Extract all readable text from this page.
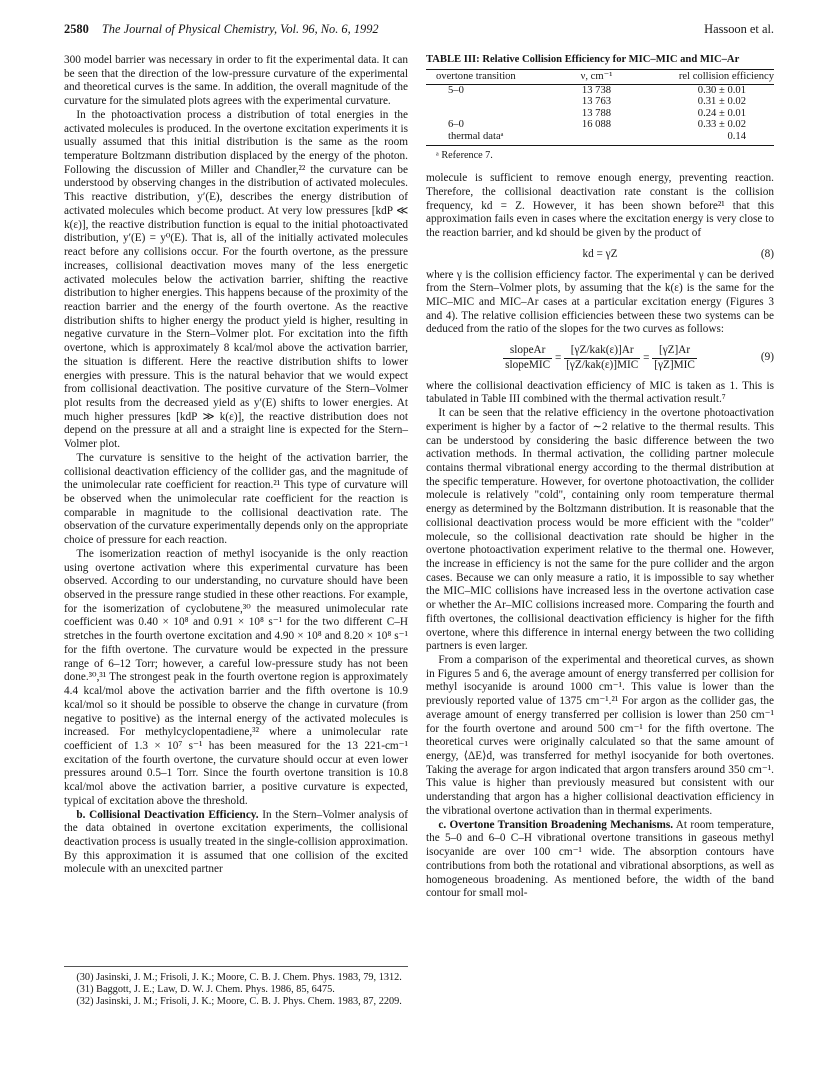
2580 The Journal of Physical Chemistry, Vol. 96, No. 6, 1992	Hassoon et al.

300 model barrier was necessary in order to fit the experimental data. It can be seen that the direction of the low-pressure curvature of the experimental and theoretical curves is the same. In addition, the overall magnitude of the curvature for the simulated plots agrees with the experimental curvature.

In the photoactivation process a distribution of total energies in the activated molecules is produced. In the overtone excitation experiments it is usually assumed that this initial distribution is the same as the room temperature Boltzmann distribution displaced by the energy of the photon. Following the discussion of Miller and Chandler,²² the curvature can be understood by observing changes in the distribution of activated molecules. This reactive distribution, y′(E), describes the energy distribution of activated molecules which become product. At very low pressures [kdP ≪ k(ε)], the reactive distribution function is equal to the initial photoactivated distribution, y′(E) = y⁰(E). That is, all of the initially activated molecules react before any collisions occur. For the fourth overtone, as the pressure increases, collisional deactivation moves many of the less energetic activated molecules below the activation barrier, shifting the reactive distribution to higher energies. This happens because of the proximity of the reaction barrier and the energy of the fourth overtone. As the reactive distribution shifts to higher energy the product yield is higher, resulting in negative curvature in the Stern–Volmer plot. For excitation into the fifth overtone, which is approximately 8 kcal/mol above the activation barrier, the situation is different. Here the reactive distribution shifts to lower energies with pressure. This is the natural behavior that we would expect from collisional deactivation. The positive curvature of the Stern–Volmer plot results from the decreased yield as y′(E) shifts to lower energies. At much higher pressures [kdP ≫ k(ε)], the reactive distribution does not depend on the pressure at all and a straight line is expected for the Stern–Volmer plot.

The curvature is sensitive to the height of the activation barrier, the collisional deactivation efficiency of the collider gas, and the magnitude of the unimolecular rate coefficient for reaction.²¹ This type of curvature will be observed when the unimolecular rate coefficient for the reaction is comparable in magnitude to the collisional deactivation rate. The observation of the curvature experimentally depends only on the appropriate choice of pressure for each reaction.

The isomerization reaction of methyl isocyanide is the only reaction using overtone activation where this experimental curvature has been observed. According to our understanding, no curvature should have been observed in the pressure range studied in these other reactions. For example, for the isomerization of cyclobutene,³⁰ the measured unimolecular rate coefficient was 0.40 × 10⁸ and 0.91 × 10⁸ s⁻¹ for the two different C–H stretches in the fourth overtone excitation and 4.90 × 10⁸ and 8.20 × 10⁸ s⁻¹ for the fifth overtone. The curvature would be expected in the pressure range of 6–12 Torr; however, a careful low-pressure study has not been done.³⁰,³¹ The strongest peak in the fourth overtone region is approximately 4.4 kcal/mol above the activation barrier and the fifth overtone is 10.9 kcal/mol so it should be possible to observe the change in curvature (from negative to positive) as the internal energy of the activated molecules is increased. For methylcyclopentadiene,³² where a unimolecular rate coefficient of 1.3 × 10⁷ s⁻¹ has been measured for the 13 221-cm⁻¹ excitation of the fourth overtone, the curvature should occur at even lower pressures around 0.5–1 Torr. Since the fourth overtone transition is 10.8 kcal/mol above the activation barrier, a positive curvature is expected, typical of excitation above the threshold.

b. Collisional Deactivation Efficiency. In the Stern–Volmer analysis of the data obtained in overtone excitation experiments, the collisional deactivation process is usually treated in the single-collision approximation. By this approximation it is assumed that one collision of the excited molecule with an unexcited partner

(30) Jasinski, J. M.; Frisoli, J. K.; Moore, C. B. J. Chem. Phys. 1983, 79, 1312.

(31) Baggott, J. E.; Law, D. W. J. Chem. Phys. 1986, 85, 6475.

(32) Jasinski, J. M.; Frisoli, J. K.; Moore, C. B. J. Phys. Chem. 1983, 87, 2209.

TABLE III: Relative Collision Efficiency for MIC–MIC and MIC–Ar
overtone transition	ν, cm⁻¹	rel collision efficiency
5–0	13 738	0.30 ± 0.01
	13 763	0.31 ± 0.02
	13 788	0.24 ± 0.01
6–0	16 088	0.33 ± 0.02
thermal dataᵃ		0.14
ᵃ Reference 7.

molecule is sufficient to remove enough energy, preventing reaction. Therefore, the collisional deactivation rate constant is the collision frequency, kd = Z. However, it has been shown before²¹ that this approximation fails even in cases where the excitation energy is very close to the reaction barrier, and kd should be given by the product of

kd = γZ	(8)

where γ is the collision efficiency factor. The experimental γ can be derived from the Stern–Volmer plots, by assuming that the k(ε) is the same for the MIC–MIC and MIC–Ar cases at a particular excitation energy (Figures 3 and 4). The relative collision efficiencies between these two systems can be deduced from the ratio of the slopes for the two curves as follows:

$\frac{\text{slopeAr}}{\text{slopeMIC}} = \frac{\text{[γZ/kak(ε)]Ar}}{\text{[γZ/kak(ε)]MIC}} = \frac{[\gamma Z]Ar}{\text{[γZ]MIC}}$	(9)

where the collisional deactivation efficiency of MIC is taken as 1. This is tabulated in Table III combined with the thermal activation result.⁷

It can be seen that the relative efficiency in the overtone photoactivation experiment is higher by a factor of ∼2 relative to the thermal results. This can be understood by considering the basic difference between the two activation methods. In thermal activation, the colliding partner molecule contains thermal vibrational energy according to the thermal distribution at the specific temperature. However, for overtone photoactivation, the collider molecule is relatively "cold", containing only room temperature thermal energy as determined by the Boltzmann distribution. It is reasonable that the collisional deactivation process would be more efficient with the "colder" molecule, so the collisional deactivation rate should be higher in the overtone photoactivation experiment relative to the thermal one. However, the increase in efficiency is not the same for the pure collider and the argon cases. Because we can only measure a ratio, it is impossible to say whether the MIC–MIC collisions have increased less in the overtone activation case or whether the Ar–MIC collisions increased more. Comparing the fourth and fifth overtones, the collisional deactivation efficiency is higher for the fifth overtone, where this difference in internal energy between the two colliding partners is even larger.

From a comparison of the experimental and theoretical curves, as shown in Figures 5 and 6, the average amount of energy transferred per collision for methyl isocyanide is around 1000 cm⁻¹. This value is lower than the previously reported value of 1375 cm⁻¹.²¹ For argon as the collider gas, the average amount of energy transferred per collision is lower than 250 cm⁻¹ for the fourth overtone and around 500 cm⁻¹ for the fifth overtone. The theoretical curves were originally calculated so that the same amount of energy, ⟨ΔE⟩d, was transferred for methyl isocyanide for both overtones. Taking the average for argon indicated that argon transfers around 350 cm⁻¹. This value is higher than previously measured but consistent with our understanding that argon has a higher collisional deactivation efficiency in the vibrational overtone activation than in thermal experiments.

c. Overtone Transition Broadening Mechanisms. At room temperature, the 5–0 and 6–0 C–H vibrational overtone transitions in gaseous methyl isocyanide are over 100 cm⁻¹ wide. The absorption contours have contributions from both the rotational and vibrational absorptions, as well as homogeneous broadening. As mentioned before, the width of the band contour for small mol-
